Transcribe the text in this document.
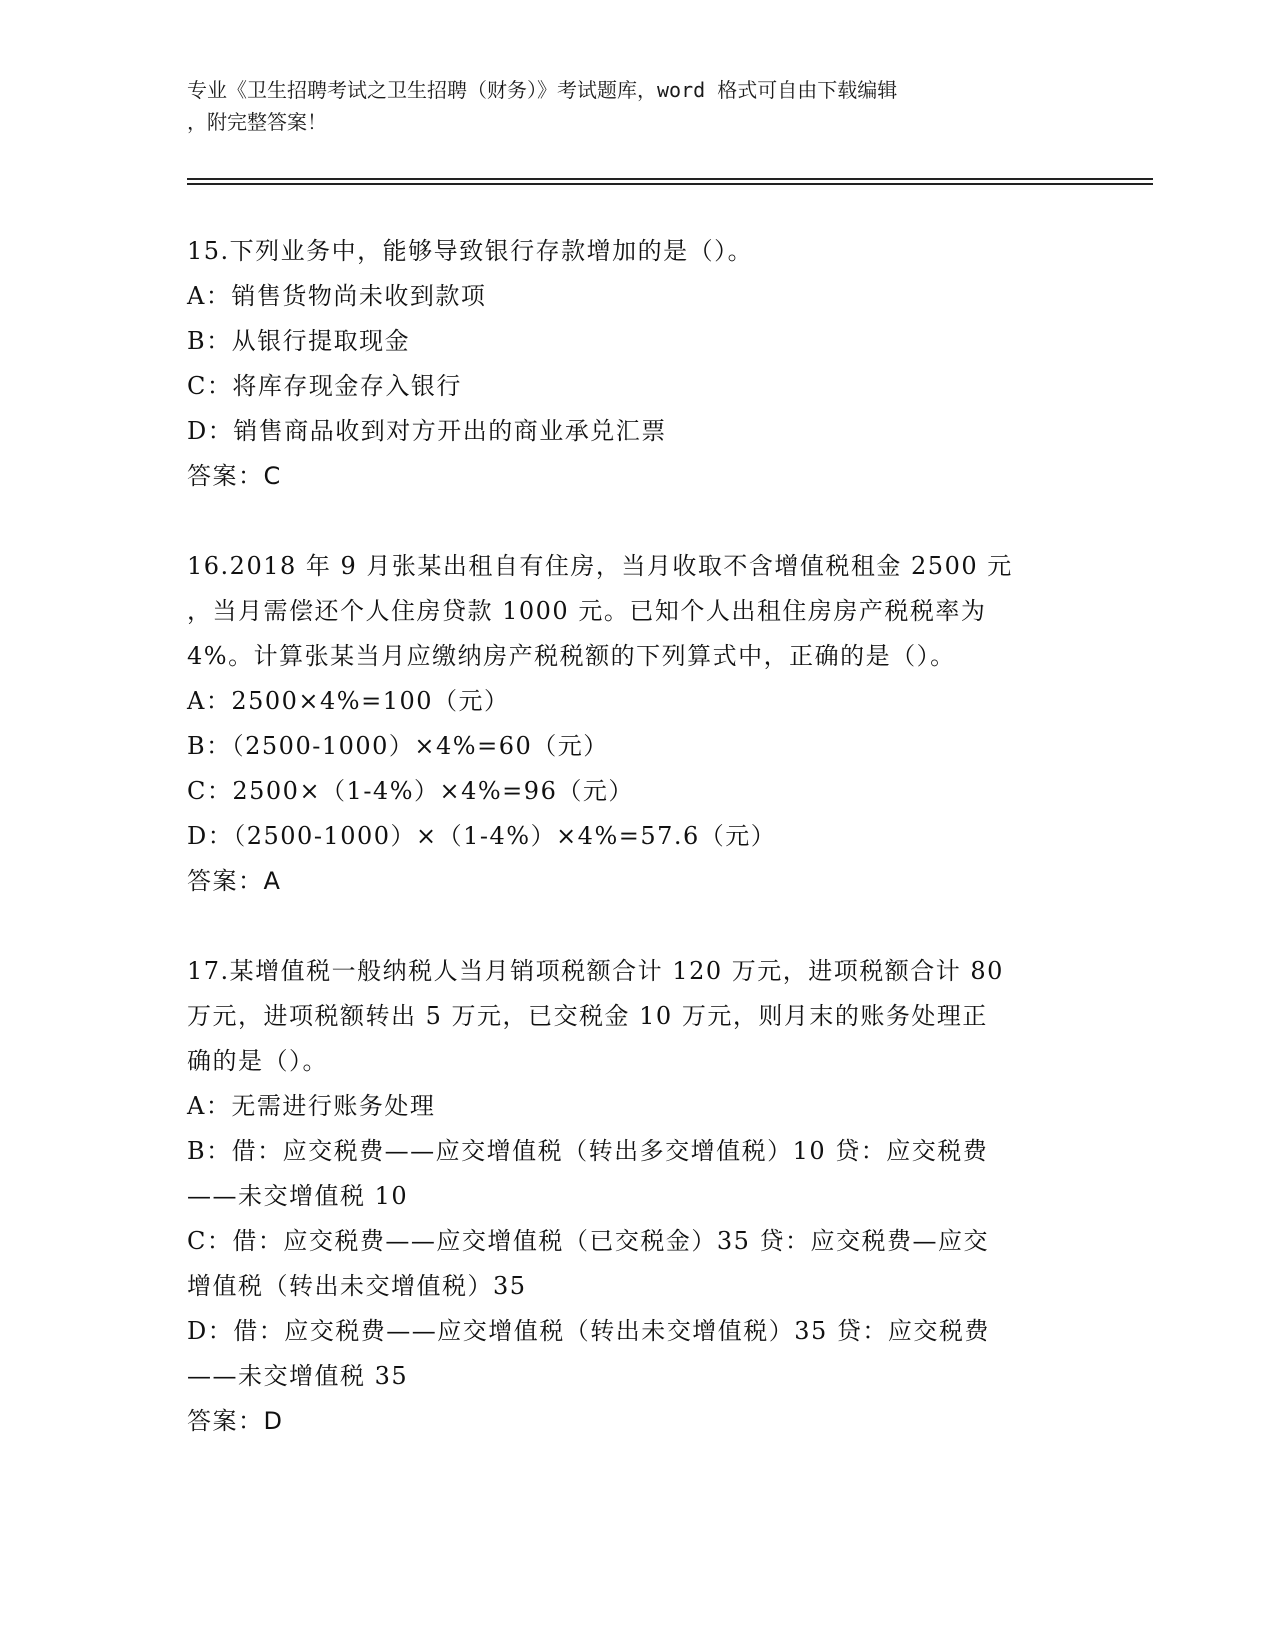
专业《卫生招聘考试之卫生招聘（财务）》考试题库，word 格式可自由下载编辑

，附完整答案！

15.下列业务中，能够导致银行存款增加的是（）。
A：销售货物尚未收到款项
B：从银行提取现金
C：将库存现金存入银行
D：销售商品收到对方开出的商业承兑汇票
答案：C
16.2018 年 9 月张某出租自有住房，当月收取不含增值税租金 2500 元
，当月需偿还个人住房贷款 1000 元。已知个人出租住房房产税税率为
4%。计算张某当月应缴纳房产税税额的下列算式中，正确的是（）。
A：2500×4%=100（元）
B：（2500-1000）×4%=60（元）
C：2500×（1-4%）×4%=96（元）
D：（2500-1000）×（1-4%）×4%=57.6（元）
答案：A
17.某增值税一般纳税人当月销项税额合计 120 万元，进项税额合计 80
万元，进项税额转出 5 万元，已交税金 10 万元，则月末的账务处理正
确的是（）。
A：无需进行账务处理
B：借：应交税费——应交增值税（转出多交增值税）10 贷：应交税费
——未交增值税 10
C：借：应交税费——应交增值税（已交税金）35 贷：应交税费—应交
增值税（转出未交增值税）35
D：借：应交税费——应交增值税（转出未交增值税）35 贷：应交税费
——未交增值税 35
答案：D
